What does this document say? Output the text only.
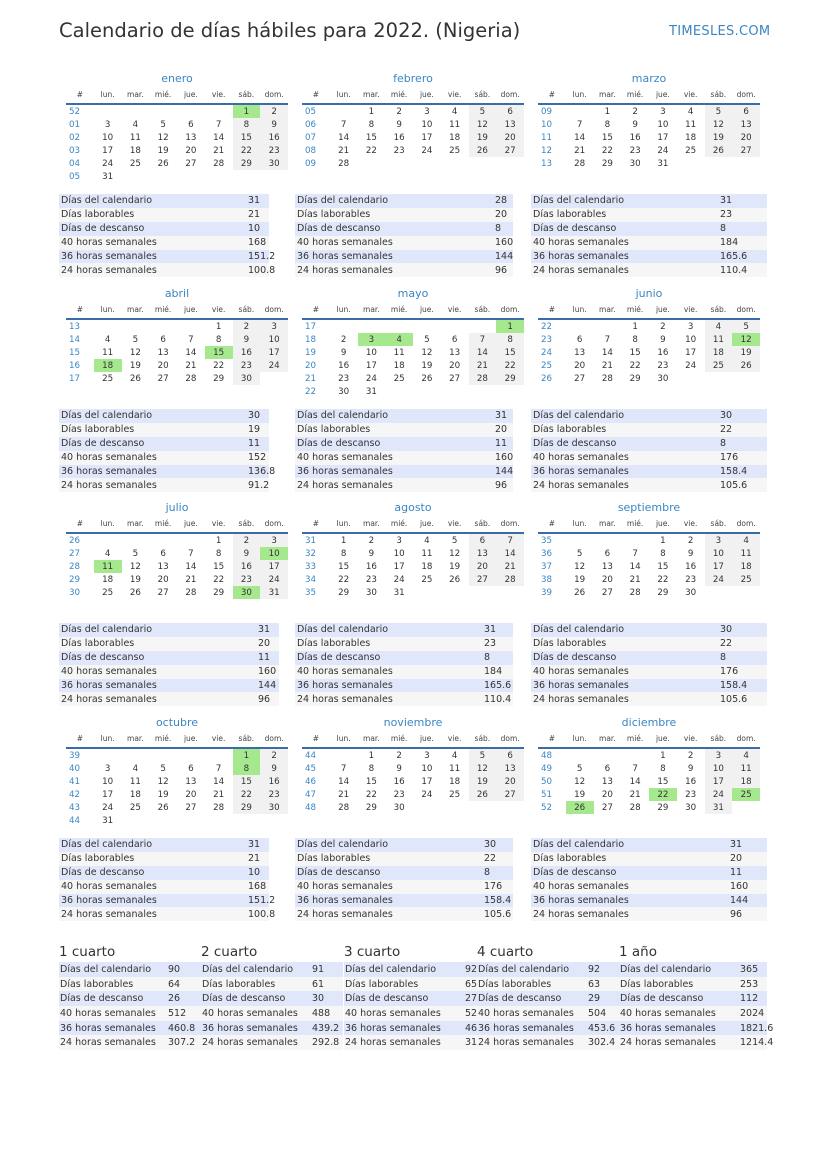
Calendario de días hábiles para 2022. (Nigeria)	TIMESLES.COM
enero
#	lun.	mar.	mié.	jue.	vie.	sáb.	dom.
52						1	2
01	3	4	5	6	7	8	9
02	10	11	12	13	14	15	16
03	17	18	19	20	21	22	23
04	24	25	26	27	28	29	30
05	31						
Días del calendario	31
Días laborables	21
Días de descanso	10
40 horas semanales	168
36 horas semanales	151.2
24 horas semanales	100.8
febrero
#	lun.	mar.	mié.	jue.	vie.	sáb.	dom.
05		1	2	3	4	5	6
06	7	8	9	10	11	12	13
07	14	15	16	17	18	19	20
08	21	22	23	24	25	26	27
09	28						
Días del calendario	28
Días laborables	20
Días de descanso	8
40 horas semanales	160
36 horas semanales	144
24 horas semanales	96
marzo
#	lun.	mar.	mié.	jue.	vie.	sáb.	dom.
09		1	2	3	4	5	6
10	7	8	9	10	11	12	13
11	14	15	16	17	18	19	20
12	21	22	23	24	25	26	27
13	28	29	30	31			
Días del calendario	31
Días laborables	23
Días de descanso	8
40 horas semanales	184
36 horas semanales	165.6
24 horas semanales	110.4
abril
#	lun.	mar.	mié.	jue.	vie.	sáb.	dom.
13					1	2	3
14	4	5	6	7	8	9	10
15	11	12	13	14	15	16	17
16	18	19	20	21	22	23	24
17	25	26	27	28	29	30	
Días del calendario	30
Días laborables	19
Días de descanso	11
40 horas semanales	152
36 horas semanales	136.8
24 horas semanales	91.2
mayo
#	lun.	mar.	mié.	jue.	vie.	sáb.	dom.
17							1
18	2	3	4	5	6	7	8
19	9	10	11	12	13	14	15
20	16	17	18	19	20	21	22
21	23	24	25	26	27	28	29
22	30	31					
Días del calendario	31
Días laborables	20
Días de descanso	11
40 horas semanales	160
36 horas semanales	144
24 horas semanales	96
junio
#	lun.	mar.	mié.	jue.	vie.	sáb.	dom.
22			1	2	3	4	5
23	6	7	8	9	10	11	12
24	13	14	15	16	17	18	19
25	20	21	22	23	24	25	26
26	27	28	29	30			
Días del calendario	30
Días laborables	22
Días de descanso	8
40 horas semanales	176
36 horas semanales	158.4
24 horas semanales	105.6
julio
#	lun.	mar.	mié.	jue.	vie.	sáb.	dom.
26					1	2	3
27	4	5	6	7	8	9	10
28	11	12	13	14	15	16	17
29	18	19	20	21	22	23	24
30	25	26	27	28	29	30	31
Días del calendario	31
Días laborables	20
Días de descanso	11
40 horas semanales	160
36 horas semanales	144
24 horas semanales	96
agosto
#	lun.	mar.	mié.	jue.	vie.	sáb.	dom.
31	1	2	3	4	5	6	7
32	8	9	10	11	12	13	14
33	15	16	17	18	19	20	21
34	22	23	24	25	26	27	28
35	29	30	31				
Días del calendario	31
Días laborables	23
Días de descanso	8
40 horas semanales	184
36 horas semanales	165.6
24 horas semanales	110.4
septiembre
#	lun.	mar.	mié.	jue.	vie.	sáb.	dom.
35				1	2	3	4
36	5	6	7	8	9	10	11
37	12	13	14	15	16	17	18
38	19	20	21	22	23	24	25
39	26	27	28	29	30		
Días del calendario	30
Días laborables	22
Días de descanso	8
40 horas semanales	176
36 horas semanales	158.4
24 horas semanales	105.6
octubre
#	lun.	mar.	mié.	jue.	vie.	sáb.	dom.
39						1	2
40	3	4	5	6	7	8	9
41	10	11	12	13	14	15	16
42	17	18	19	20	21	22	23
43	24	25	26	27	28	29	30
44	31						
Días del calendario	31
Días laborables	21
Días de descanso	10
40 horas semanales	168
36 horas semanales	151.2
24 horas semanales	100.8
noviembre
#	lun.	mar.	mié.	jue.	vie.	sáb.	dom.
44		1	2	3	4	5	6
45	7	8	9	10	11	12	13
46	14	15	16	17	18	19	20
47	21	22	23	24	25	26	27
48	28	29	30				
Días del calendario	30
Días laborables	22
Días de descanso	8
40 horas semanales	176
36 horas semanales	158.4
24 horas semanales	105.6
diciembre
#	lun.	mar.	mié.	jue.	vie.	sáb.	dom.
48				1	2	3	4
49	5	6	7	8	9	10	11
50	12	13	14	15	16	17	18
51	19	20	21	22	23	24	25
52	26	27	28	29	30	31	
Días del calendario	31
Días laborables	20
Días de descanso	11
40 horas semanales	160
36 horas semanales	144
24 horas semanales	96
1 cuarto
Días del calendario	90
Días laborables	64
Días de descanso	26
40 horas semanales	512
36 horas semanales	460.8
24 horas semanales	307.2
2 cuarto
Días del calendario	91
Días laborables	61
Días de descanso	30
40 horas semanales	488
36 horas semanales	439.2
24 horas semanales	292.8
3 cuarto
Días del calendario	92
Días laborables	65
Días de descanso	27
40 horas semanales	520
36 horas semanales	468
24 horas semanales	312
4 cuarto
Días del calendario	92
Días laborables	63
Días de descanso	29
40 horas semanales	504
36 horas semanales	453.6
24 horas semanales	302.4
1 año
Días del calendario	365
Días laborables	253
Días de descanso	112
40 horas semanales	2024
36 horas semanales	1821.6
24 horas semanales	1214.4
